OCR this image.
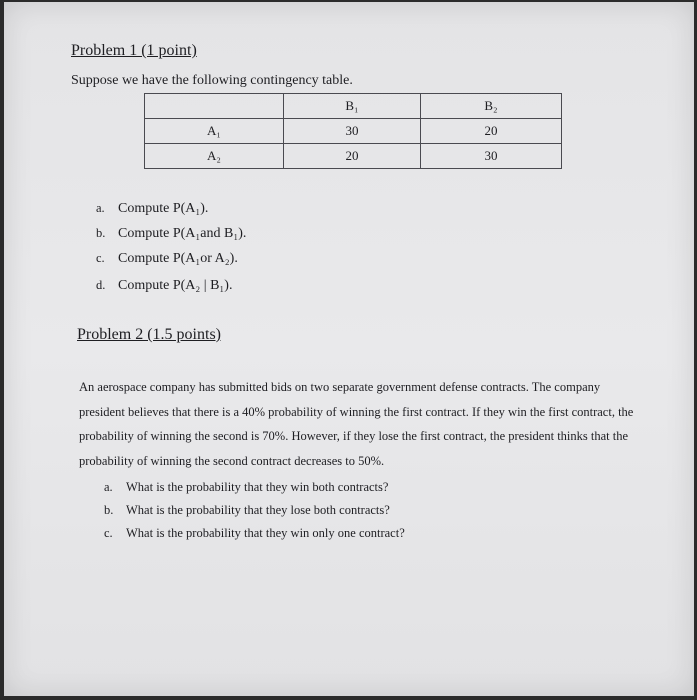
Problem 1 (1 point)
Suppose we have the following contingency table.
	B₁	B₂
A₁	30	20
A₂	20	30
a. Compute P(A₁).
b. Compute P(A₁and B₁).
c. Compute P(A₁or A₂).
d. Compute P(A₂ | B₁).
Problem 2 (1.5 points)
An aerospace company has submitted bids on two separate government defense contracts. The company president believes that there is a 40% probability of winning the first contract. If they win the first contract, the probability of winning the second is 70%. However, if they lose the first contract, the president thinks that the probability of winning the second contract decreases to 50%.
a. What is the probability that they win both contracts?
b. What is the probability that they lose both contracts?
c. What is the probability that they win only one contract?
